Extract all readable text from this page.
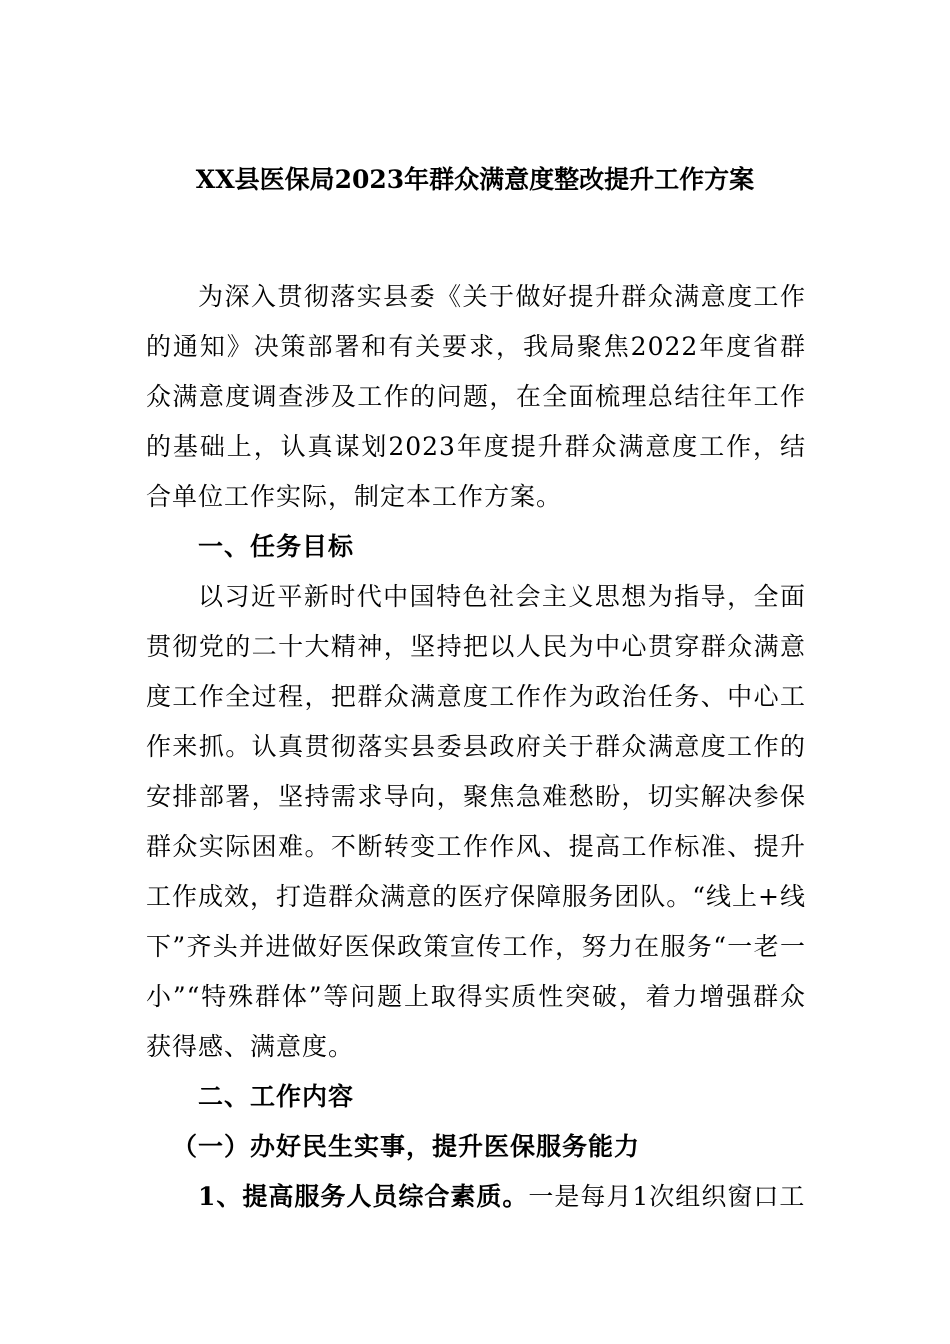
XX县医保局2023年群众满意度整改提升工作方案

为深入贯彻落实县委《关于做好提升群众满意度工作的通知》决策部署和有关要求，我局聚焦2022年度省群众满意度调查涉及工作的问题，在全面梳理总结往年工作的基础上，认真谋划2023年度提升群众满意度工作，结合单位工作实际，制定本工作方案。

一、任务目标

以习近平新时代中国特色社会主义思想为指导，全面贯彻党的二十大精神，坚持把以人民为中心贯穿群众满意度工作全过程，把群众满意度工作作为政治任务、中心工作来抓。认真贯彻落实县委县政府关于群众满意度工作的安排部署，坚持需求导向，聚焦急难愁盼，切实解决参保群众实际困难。不断转变工作作风、提高工作标准、提升工作成效，打造群众满意的医疗保障服务团队。“线上+线下”齐头并进做好医保政策宣传工作，努力在服务“一老一小”“特殊群体”等问题上取得实质性突破，着力增强群众获得感、满意度。

二、工作内容

（一）办好民生实事，提升医保服务能力

1、提高服务人员综合素质。一是每月1次组织窗口工
